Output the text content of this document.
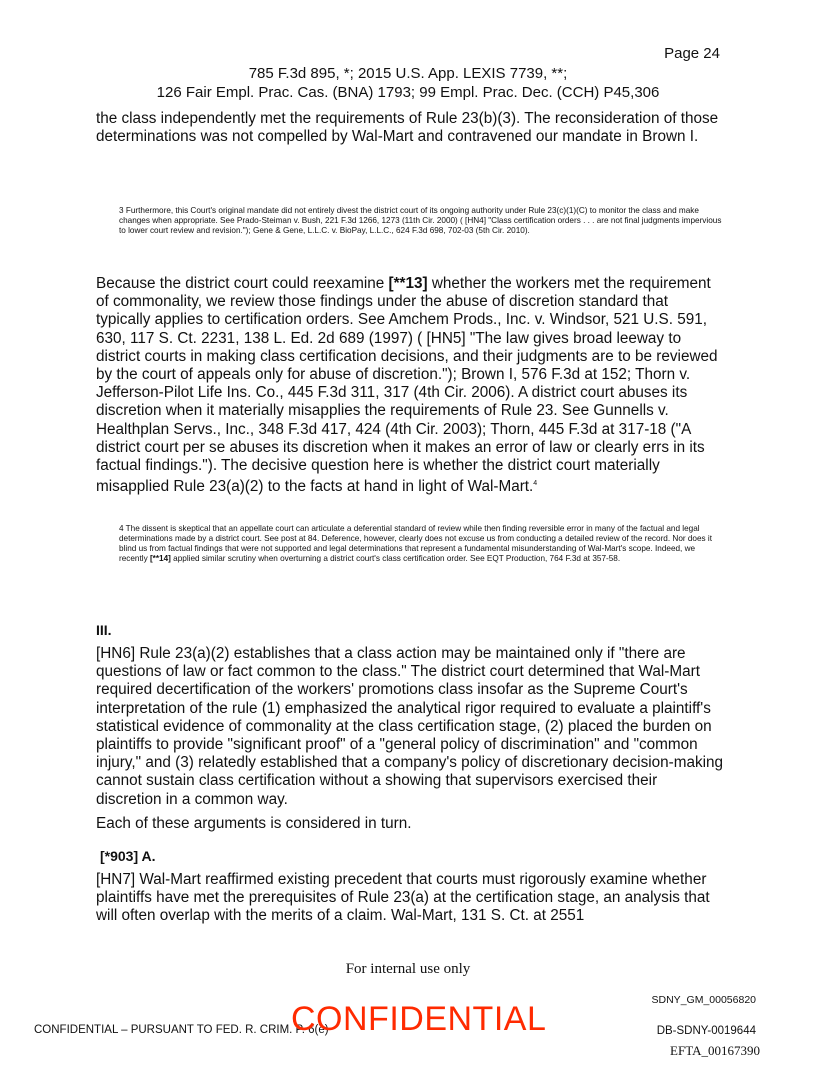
Page 24
785 F.3d 895, *; 2015 U.S. App. LEXIS 7739, **;
126 Fair Empl. Prac. Cas. (BNA) 1793; 99 Empl. Prac. Dec. (CCH) P45,306

the class independently met the requirements of Rule 23(b)(3). The reconsideration of those determinations was not compelled by Wal-Mart and contravened our mandate in Brown I.

3 Furthermore, this Court's original mandate did not entirely divest the district court of its ongoing authority under Rule 23(c)(1)(C) to monitor the class and make changes when appropriate. See Prado-Steiman v. Bush, 221 F.3d 1266, 1273 (11th Cir. 2000) ( [HN4] "Class certification orders . . . are not final judgments impervious to lower court review and revision."); Gene & Gene, L.L.C. v. BioPay, L.L.C., 624 F.3d 698, 702-03 (5th Cir. 2010).

Because the district court could reexamine [**13] whether the workers met the requirement of commonality, we review those findings under the abuse of discretion standard that typically applies to certification orders. See Amchem Prods., Inc. v. Windsor, 521 U.S. 591, 630, 117 S. Ct. 2231, 138 L. Ed. 2d 689 (1997) ( [HN5] "The law gives broad leeway to district courts in making class certification decisions, and their judgments are to be reviewed by the court of appeals only for abuse of discretion."); Brown I, 576 F.3d at 152; Thorn v. Jefferson-Pilot Life Ins. Co., 445 F.3d 311, 317 (4th Cir. 2006). A district court abuses its discretion when it materially misapplies the requirements of Rule 23. See Gunnells v. Healthplan Servs., Inc., 348 F.3d 417, 424 (4th Cir. 2003); Thorn, 445 F.3d at 317-18 ("A district court per se abuses its discretion when it makes an error of law or clearly errs in its factual findings."). The decisive question here is whether the district court materially misapplied Rule 23(a)(2) to the facts at hand in light of Wal-Mart.$^4$

4 The dissent is skeptical that an appellate court can articulate a deferential standard of review while then finding reversible error in many of the factual and legal determinations made by a district court. See post at 84. Deference, however, clearly does not excuse us from conducting a detailed review of the record. Nor does it blind us from factual findings that were not supported and legal determinations that represent a fundamental misunderstanding of Wal-Mart's scope. Indeed, we recently [**14] applied similar scrutiny when overturning a district court's class certification order. See EQT Production, 764 F.3d at 357-58.

III.

[HN6] Rule 23(a)(2) establishes that a class action may be maintained only if "there are questions of law or fact common to the class." The district court determined that Wal-Mart required decertification of the workers' promotions class insofar as the Supreme Court's interpretation of the rule (1) emphasized the analytical rigor required to evaluate a plaintiff's statistical evidence of commonality at the class certification stage, (2) placed the burden on plaintiffs to provide "significant proof" of a "general policy of discrimination" and "common injury," and (3) relatedly established that a company's policy of discretionary decision-making cannot sustain class certification without a showing that supervisors exercised their discretion in a common way.

Each of these arguments is considered in turn.

[*903] A.

[HN7] Wal-Mart reaffirmed existing precedent that courts must rigorously examine whether plaintiffs have met the prerequisites of Rule 23(a) at the certification stage, an analysis that will often overlap with the merits of a claim. Wal-Mart, 131 S. Ct. at 2551

For internal use only
SDNY_GM_00056820
CONFIDENTIAL – PURSUANT TO FED. R. CRIM. P. 6(e)
CONFIDENTIAL	DB-SDNY-0019644
EFTA_00167390
